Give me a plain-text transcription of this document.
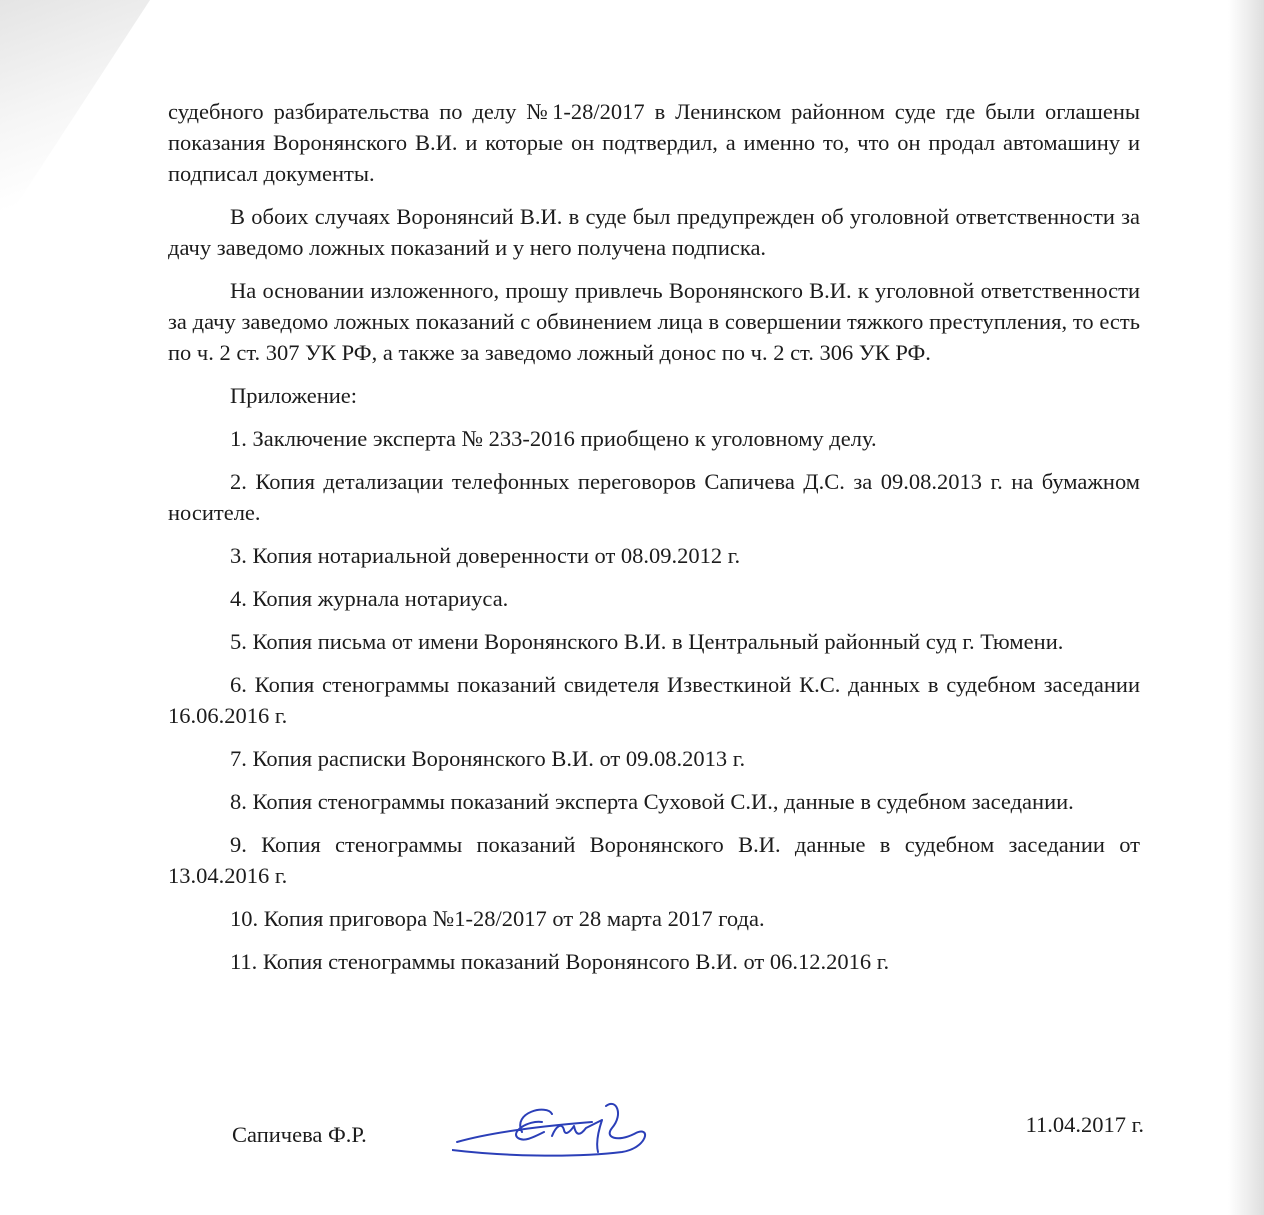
судебного разбирательства по делу №1-28/2017 в Ленинском районном суде где были оглашены показания Воронянского В.И. и которые он подтвердил, а именно то, что он продал автомашину и подписал документы.

В обоих случаях Воронянсий В.И. в суде был предупрежден об уголовной ответственности за дачу заведомо ложных показаний и у него получена подписка.

На основании изложенного, прошу привлечь Воронянского В.И. к уголовной ответственности за дачу заведомо ложных показаний с обвинением лица в совершении тяжкого преступления, то есть по ч. 2 ст. 307 УК РФ, а также за заведомо ложный донос по ч. 2 ст. 306 УК РФ.

Приложение:

1. Заключение эксперта № 233-2016 приобщено к уголовному делу.

2. Копия детализации телефонных переговоров Сапичева Д.С. за 09.08.2013 г. на бумажном носителе.

3. Копия нотариальной доверенности от 08.09.2012 г.

4. Копия журнала нотариуса.

5. Копия письма от имени Воронянского В.И. в Центральный районный суд г. Тюмени.

6. Копия стенограммы показаний свидетеля Известкиной К.С. данных в судебном заседании 16.06.2016 г.

7. Копия расписки Воронянского В.И. от 09.08.2013 г.

8. Копия стенограммы показаний эксперта Суховой С.И., данные в судебном заседании.

9. Копия стенограммы показаний Воронянского В.И. данные в судебном заседании от 13.04.2016 г.

10. Копия приговора №1-28/2017 от 28 марта 2017 года.

11. Копия стенограммы показаний Воронянсого В.И. от 06.12.2016 г.

Сапичева Ф.Р.	11.04.2017 г.
